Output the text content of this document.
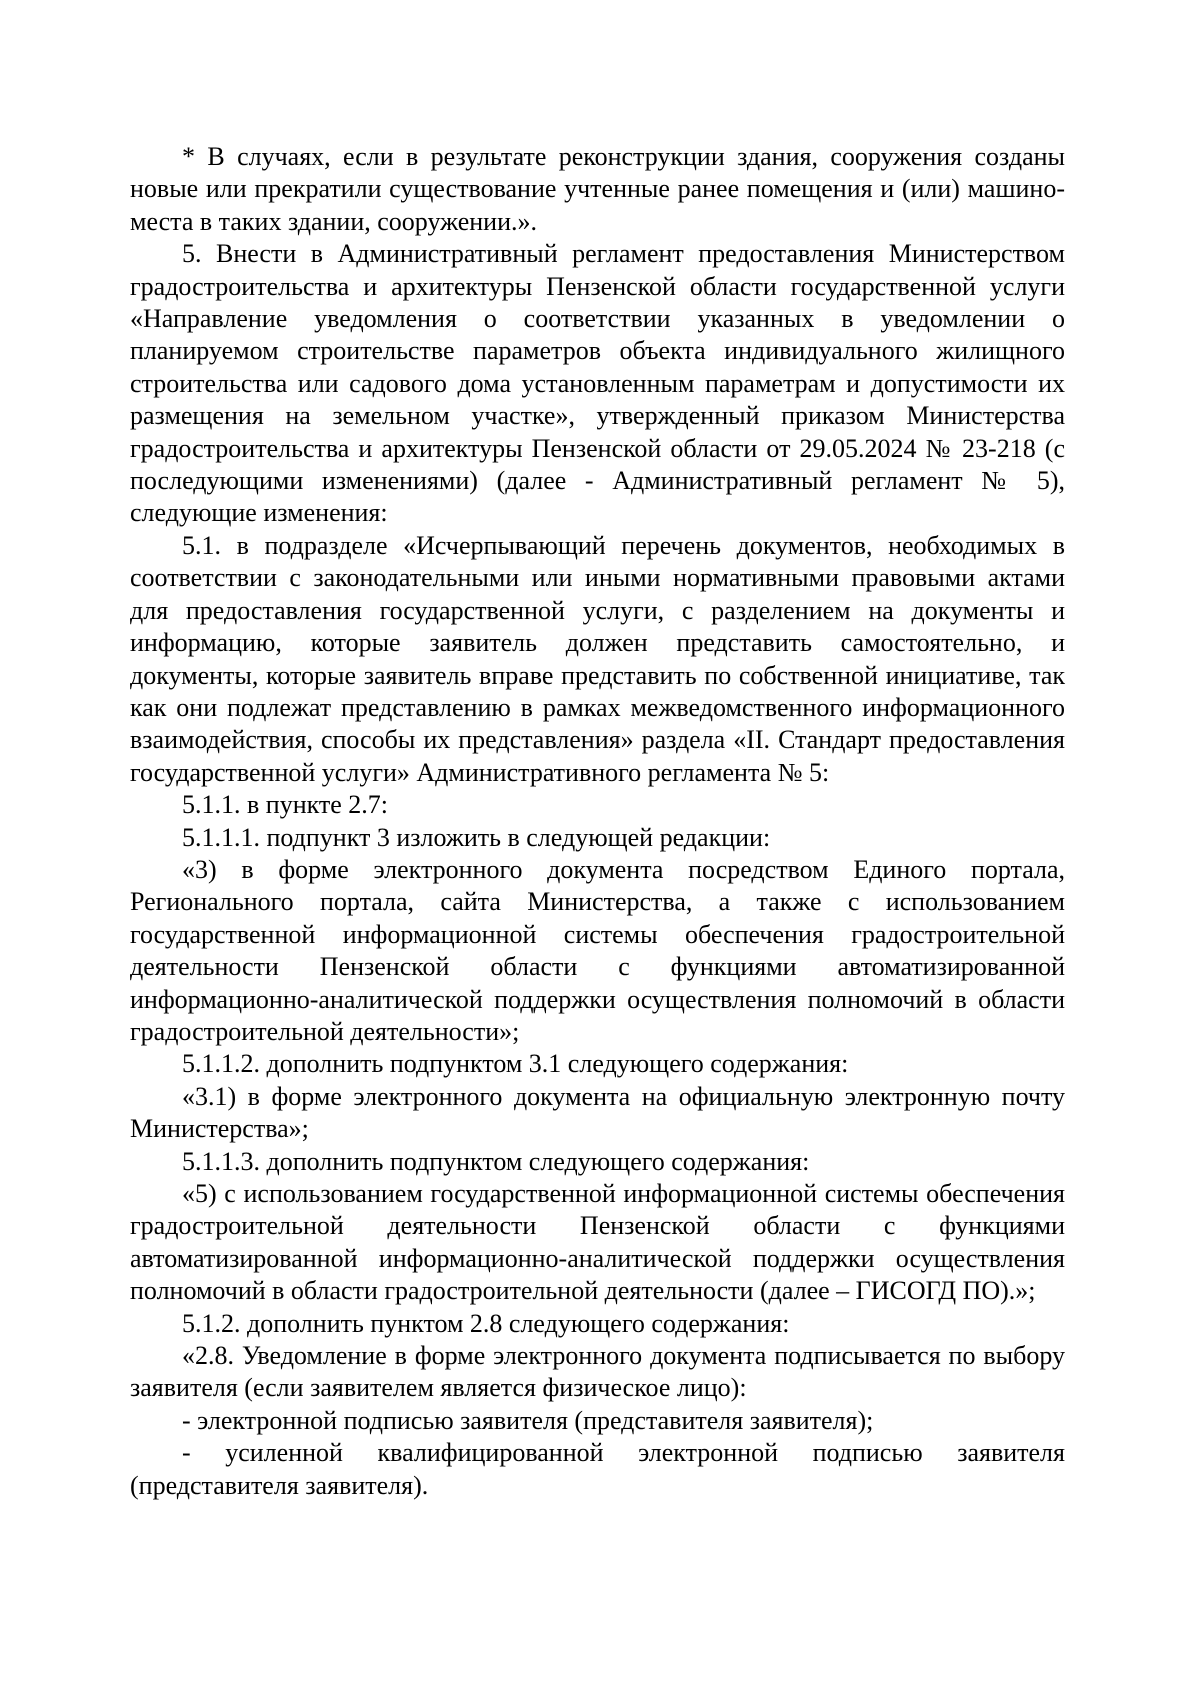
* В случаях, если в результате реконструкции здания, сооружения созданы новые или прекратили существование учтенные ранее помещения и (или) машиноместа в таких здании, сооружении.».

5. Внести в Административный регламент предоставления Министерством градостроительства и архитектуры Пензенской области государственной услуги «Направление уведомления о соответствии указанных в уведомлении о планируемом строительстве параметров объекта индивидуального жилищного строительства или садового дома установленным параметрам и допустимости их размещения на земельном участке», утвержденный приказом Министерства градостроительства и архитектуры Пензенской области от 29.05.2024 № 23-218 (с последующими изменениями) (далее - Административный регламент № 5), следующие изменения:

5.1. в подразделе «Исчерпывающий перечень документов, необходимых в соответствии с законодательными или иными нормативными правовыми актами для предоставления государственной услуги, с разделением на документы и информацию, которые заявитель должен представить самостоятельно, и документы, которые заявитель вправе представить по собственной инициативе, так как они подлежат представлению в рамках межведомственного информационного взаимодействия, способы их представления» раздела «II. Стандарт предоставления государственной услуги» Административного регламента № 5:

5.1.1. в пункте 2.7:

5.1.1.1. подпункт 3 изложить в следующей редакции:

«3) в форме электронного документа посредством Единого портала, Регионального портала, сайта Министерства, а также с использованием государственной информационной системы обеспечения градостроительной деятельности Пензенской области с функциями автоматизированной информационно-аналитической поддержки осуществления полномочий в области градостроительной деятельности»;

5.1.1.2. дополнить подпунктом 3.1 следующего содержания:

«3.1) в форме электронного документа на официальную электронную почту Министерства»;

5.1.1.3. дополнить подпунктом следующего содержания:

«5) с использованием государственной информационной системы обеспечения градостроительной деятельности Пензенской области с функциями автоматизированной информационно-аналитической поддержки осуществления полномочий в области градостроительной деятельности (далее – ГИСОГД ПО).»;

5.1.2. дополнить пунктом 2.8 следующего содержания:

«2.8. Уведомление в форме электронного документа подписывается по выбору заявителя (если заявителем является физическое лицо):

- электронной подписью заявителя (представителя заявителя);

- усиленной квалифицированной электронной подписью заявителя (представителя заявителя).
